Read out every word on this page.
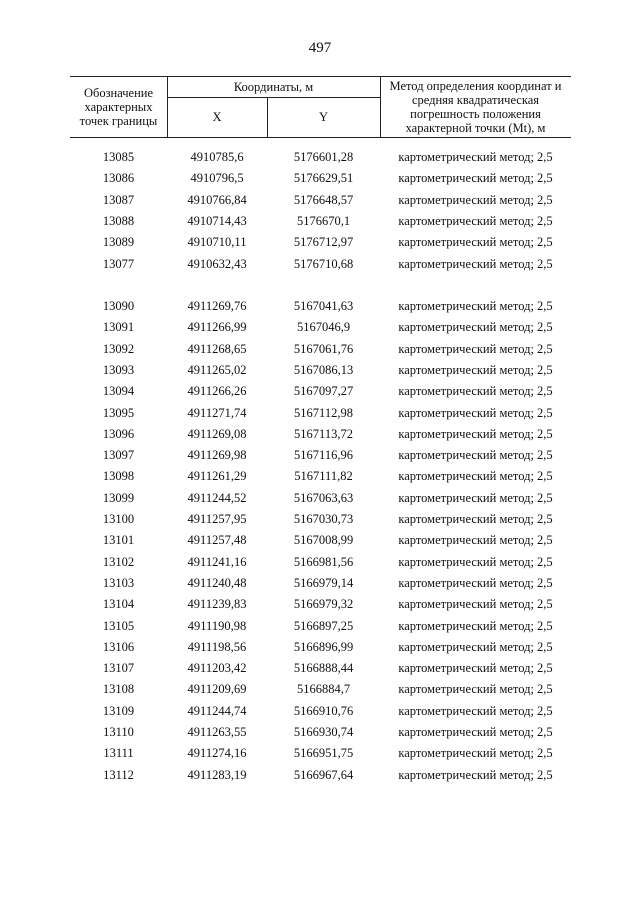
497
Обозначение характерных точек границы
Координаты, м
X	Y
Метод определения координат и средняя квадратическая погрешность положения характерной точки (Mt), м
13085	4910785,6	5176601,28	картометрический метод; 2,5
13086	4910796,5	5176629,51	картометрический метод; 2,5
13087	4910766,84	5176648,57	картометрический метод; 2,5
13088	4910714,43	5176670,1	картометрический метод; 2,5
13089	4910710,11	5176712,97	картометрический метод; 2,5
13077	4910632,43	5176710,68	картометрический метод; 2,5
13090	4911269,76	5167041,63	картометрический метод; 2,5
13091	4911266,99	5167046,9	картометрический метод; 2,5
13092	4911268,65	5167061,76	картометрический метод; 2,5
13093	4911265,02	5167086,13	картометрический метод; 2,5
13094	4911266,26	5167097,27	картометрический метод; 2,5
13095	4911271,74	5167112,98	картометрический метод; 2,5
13096	4911269,08	5167113,72	картометрический метод; 2,5
13097	4911269,98	5167116,96	картометрический метод; 2,5
13098	4911261,29	5167111,82	картометрический метод; 2,5
13099	4911244,52	5167063,63	картометрический метод; 2,5
13100	4911257,95	5167030,73	картометрический метод; 2,5
13101	4911257,48	5167008,99	картометрический метод; 2,5
13102	4911241,16	5166981,56	картометрический метод; 2,5
13103	4911240,48	5166979,14	картометрический метод; 2,5
13104	4911239,83	5166979,32	картометрический метод; 2,5
13105	4911190,98	5166897,25	картометрический метод; 2,5
13106	4911198,56	5166896,99	картометрический метод; 2,5
13107	4911203,42	5166888,44	картометрический метод; 2,5
13108	4911209,69	5166884,7	картометрический метод; 2,5
13109	4911244,74	5166910,76	картометрический метод; 2,5
13110	4911263,55	5166930,74	картометрический метод; 2,5
13111	4911274,16	5166951,75	картометрический метод; 2,5
13112	4911283,19	5166967,64	картометрический метод; 2,5
